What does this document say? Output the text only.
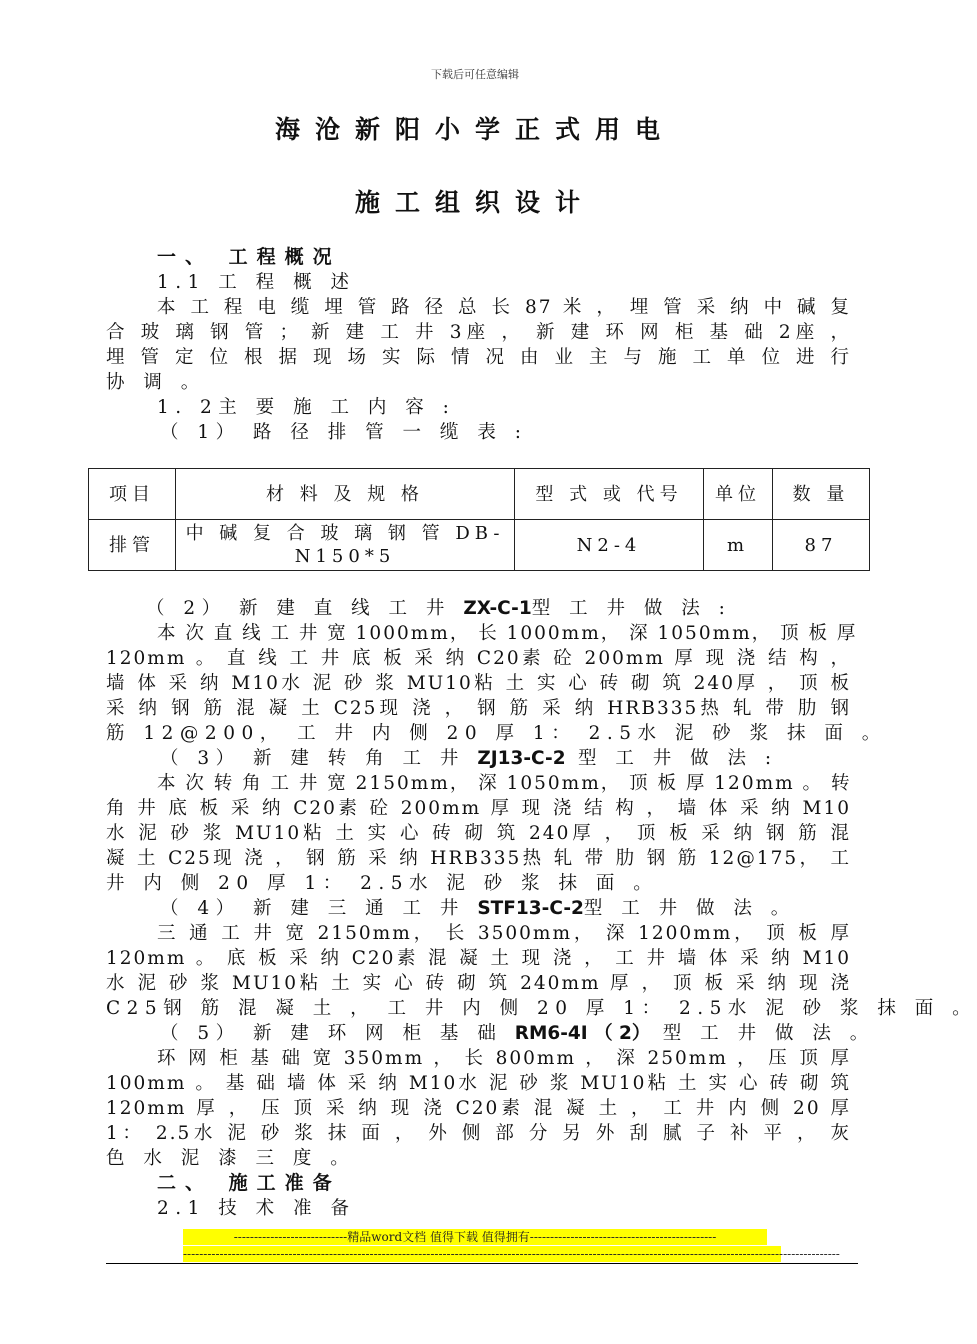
下载后可任意编辑
海沧新阳小学正式用电
施工组织设计
一、 工程概况
1.1 工 程 概 述
本 工 程 电 缆 埋 管 路 径 总 长 87 米 ， 埋 管 采 纳 中 碱 复
合 玻 璃 钢 管 ； 新 建 工 井 3座 ， 新 建 环 网 柜 基 础 2座 ，
埋 管 定 位 根 据 现 场 实 际 情 况 由 业 主 与 施 工 单 位 进 行
协 调 。
1. 2主 要 施 工 内 容 :
（ 1） 路 径 排 管 一 缆 表 :
项目	材 料 及 规 格	型 式 或 代号	单位	数 量
排管	中 碱 复 合 玻 璃 钢 管 DB-N150*5	N2-4	m	87
（ 2） 新 建 直 线 工 井 ZX-C-1型 工 井 做 法 :
本 次 直 线 工 井 宽 1000mm， 长 1000mm， 深 1050mm， 顶 板 厚
120mm 。 直 线 工 井 底 板 采 纳 C20素 砼 200mm 厚 现 浇 结 构 ，
墙 体 采 纳 M10水 泥 砂 浆 MU10粘 土 实 心 砖 砌 筑 240厚 ， 顶 板
采 纳 钢 筋 混 凝 土 C25现 浇 ， 钢 筋 采 纳 HRB335热 轧 带 肋 钢
筋 12@200， 工 井 内 侧 20 厚 1： 2.5水 泥 砂 浆 抹 面 。
（ 3） 新 建 转 角 工 井 ZJ13-C-2 型 工 井 做 法 :
本 次 转 角 工 井 宽 2150mm， 深 1050mm， 顶 板 厚 120mm 。 转
角 井 底 板 采 纳 C20素 砼 200mm 厚 现 浇 结 构 ， 墙 体 采 纳 M10
水 泥 砂 浆 MU10粘 土 实 心 砖 砌 筑 240厚 ， 顶 板 采 纳 钢 筋 混
凝 土 C25现 浇 ， 钢 筋 采 纳 HRB335热 轧 带 肋 钢 筋 12@175， 工
井 内 侧 20 厚 1： 2.5水 泥 砂 浆 抹 面 。
（ 4） 新 建 三 通 工 井 STF13-C-2型 工 井 做 法 。
三 通 工 井 宽 2150mm， 长 3500mm， 深 1200mm， 顶 板 厚
120mm 。 底 板 采 纳 C20素 混 凝 土 现 浇 ， 工 井 墙 体 采 纳 M10
水 泥 砂 浆 MU10粘 土 实 心 砖 砌 筑 240mm 厚 ， 顶 板 采 纳 现 浇
C25钢 筋 混 凝 土 ， 工 井 内 侧 20 厚 1： 2.5水 泥 砂 浆 抹 面 。
（ 5） 新 建 环 网 柜 基 础 RM6-4Ⅰ （ 2） 型 工 井 做 法 。
环 网 柜 基 础 宽 350mm ， 长 800mm ， 深 250mm ， 压 顶 厚
100mm 。 基 础 墙 体 采 纳 M10水 泥 砂 浆 MU10粘 土 实 心 砖 砌 筑
120mm 厚 ， 压 顶 采 纳 现 浇 C20素 混 凝 土 ， 工 井 内 侧 20 厚
1： 2.5水 泥 砂 浆 抹 面 ， 外 侧 部 分 另 外 刮 腻 子 补 平 ， 灰
色 水 泥 漆 三 度 。
二、 施工准备
2.1 技 术 准 备
----------------------------精品word文档 值得下载 值得拥有----------------------------------------------
------------------------------------------------------------------------------------------------------------------------------------------------------------------
